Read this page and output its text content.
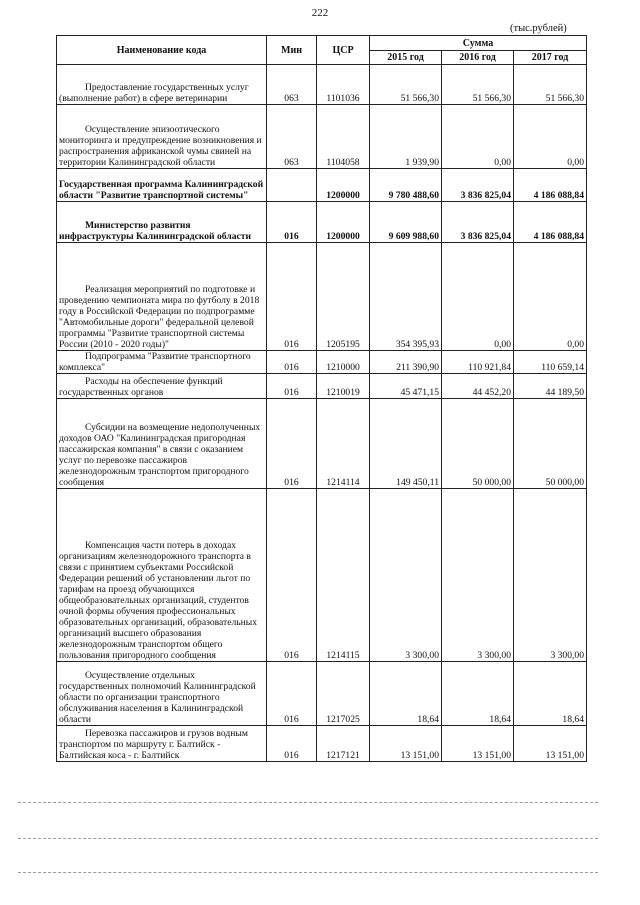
222
(тыс.рублей)
Наименование кода	Мин	ЦСР	Сумма		
			2015 год	2016 год	2017 год

Предоставление государственных услуг (выполнение работ) в сфере ветеринарии	063	1101036	51 566,30	51 566,30	51 566,30

Осуществление эпизоотического мониторинга и предупреждение возникновения и распространения африканской чумы свиней на территории Калининградской области	063	1104058	1 939,90	0,00	0,00

Государственная программа Калининградской области "Развитие транспортной системы"		1200000	9 780 488,60	3 836 825,04	4 186 088,84

Министерство развития инфраструктуры Калининградской области	016	1200000	9 609 988,60	3 836 825,04	4 186 088,84

Реализация мероприятий по подготовке и проведению чемпионата мира по футболу в 2018 году в Российской Федерации по подпрограмме "Автомобильные дороги" федеральной целевой программы "Развитие транспортной системы России (2010 - 2020 годы)"	016	1205195	354 395,93	0,00	0,00

Подпрограмма "Развитие транспортного комплекса"	016	1210000	211 390,90	110 921,84	110 659,14

Расходы на обеспечение функций государственных органов	016	1210019	45 471,15	44 452,20	44 189,50

Субсидии на возмещение недополученных доходов ОАО "Калининградская пригородная пассажирская компания" в связи с оказанием услуг по перевозке пассажиров железнодорожным транспортом пригородного сообщения	016	1214114	149 450,11	50 000,00	50 000,00

Компенсация части потерь в доходах организациям железнодорожного транспорта в связи с принятием субъектами Российской Федерации решений об установлении льгот по тарифам на проезд обучающихся общеобразовательных организаций, студентов очной формы обучения профессиональных образовательных организаций, образовательных организаций высшего образования железнодорожным транспортом общего пользования пригородного сообщения	016	1214115	3 300,00	3 300,00	3 300,00

Осуществление отдельных государственных полномочий Калининградской области по организации транспортного обслуживания населения в Калининградской области	016	1217025	18,64	18,64	18,64

Перевозка пассажиров и грузов водным транспортом по маршруту г. Балтийск - Балтийская коса - г. Балтийск	016	1217121	13 151,00	13 151,00	13 151,00
